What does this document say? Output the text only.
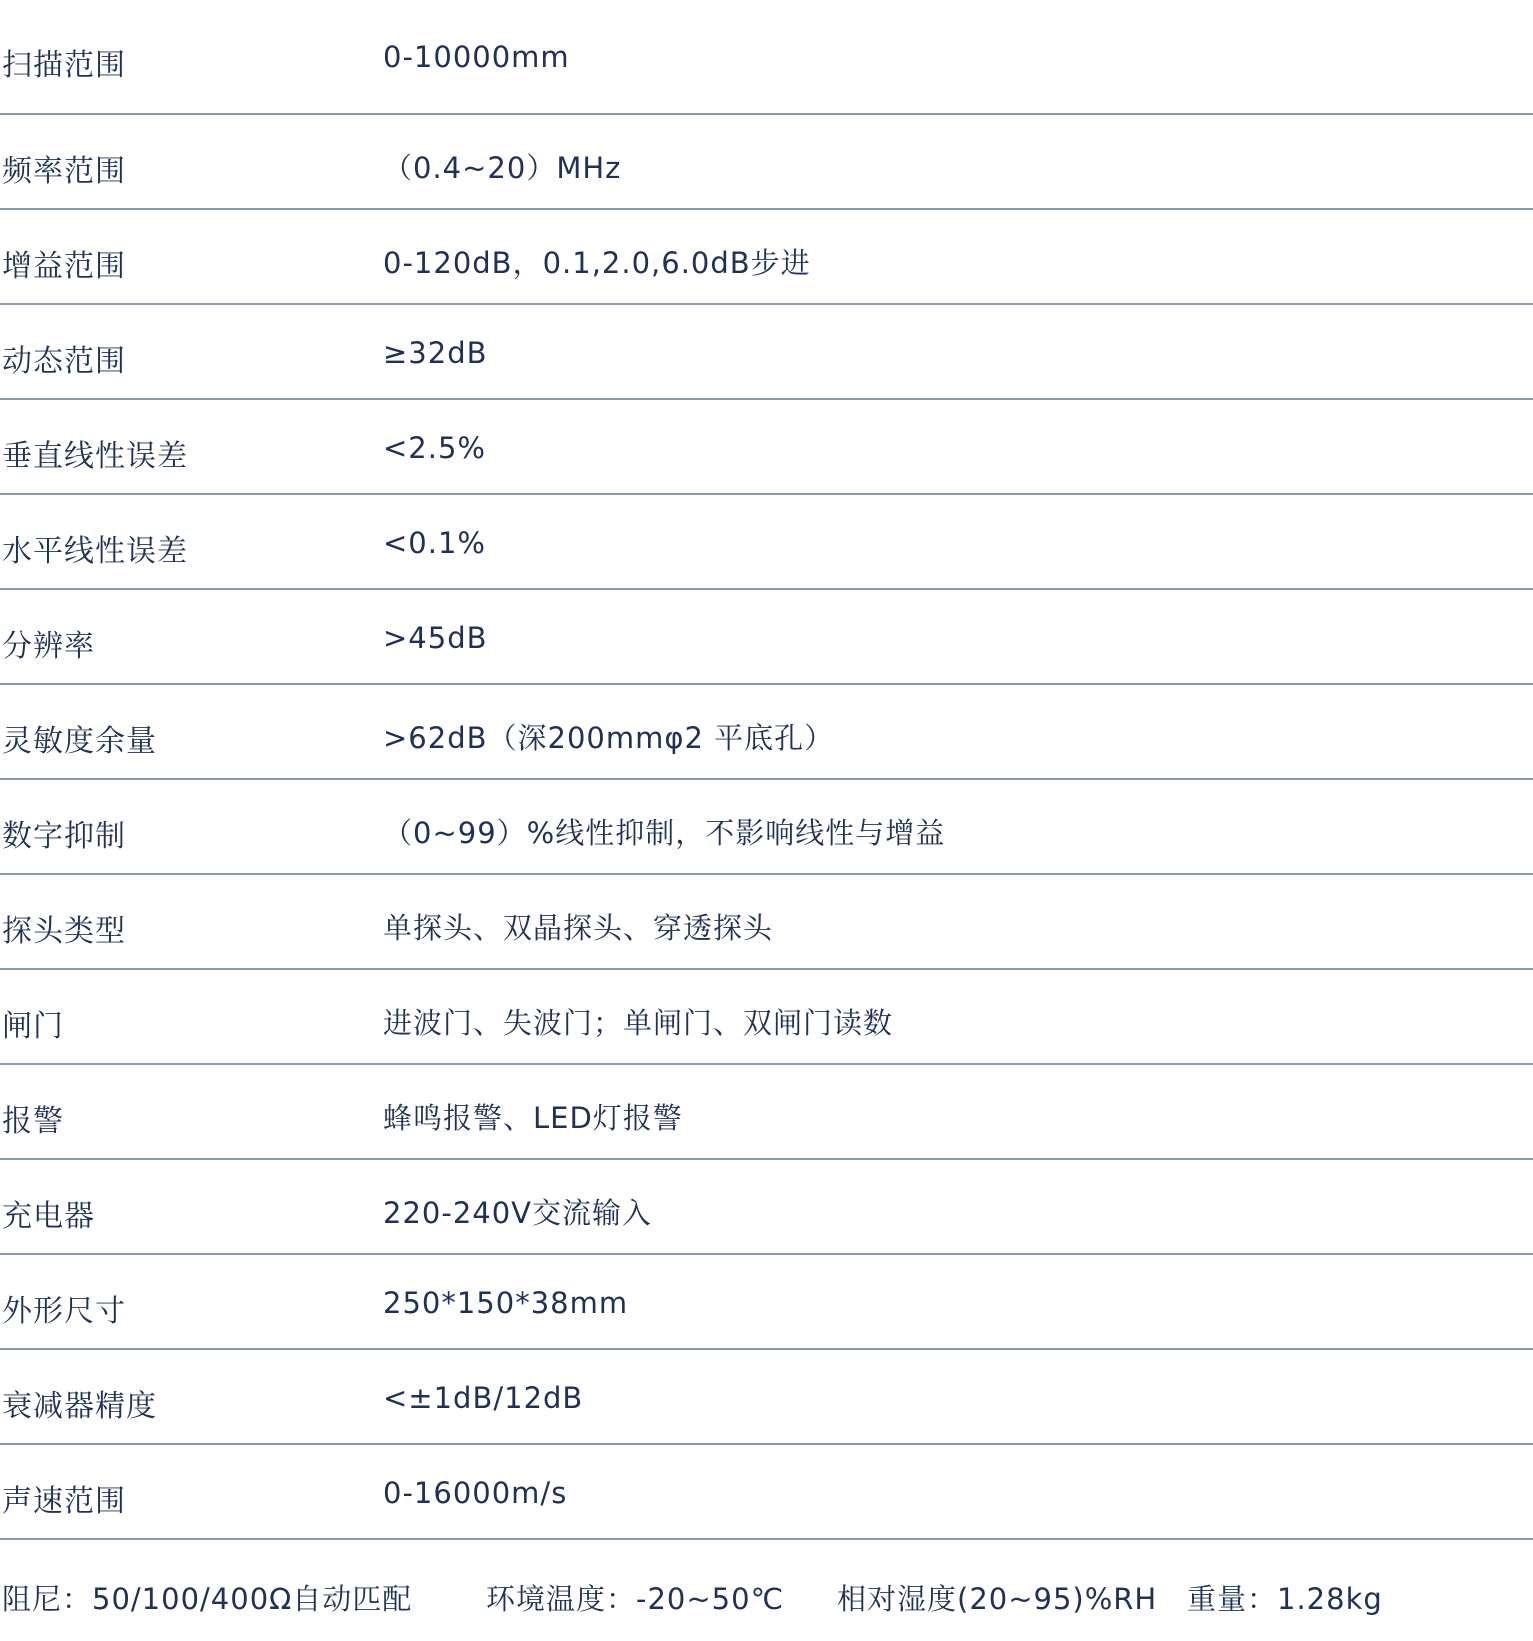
扫描范围	0-10000mm
频率范围	（0.4~20）MHz
增益范围	0-120dB，0.1,2.0,6.0dB步进
动态范围	≥32dB
垂直线性误差	<2.5%
水平线性误差	<0.1%
分辨率	>45dB
灵敏度余量	>62dB（深200mmφ2 平底孔）
数字抑制	（0~99）%线性抑制，不影响线性与增益
探头类型	单探头、双晶探头、穿透探头
闸门	进波门、失波门；单闸门、双闸门读数
报警	蜂鸣报警、LED灯报警
充电器	220-240V交流输入
外形尺寸	250*150*38mm
衰减器精度	<±1dB/12dB
声速范围	0-16000m/s
阻尼：50/100/400Ω自动匹配	环境温度：-20~50℃ 相对湿度(20~95)%RH 重量：1.28kg
